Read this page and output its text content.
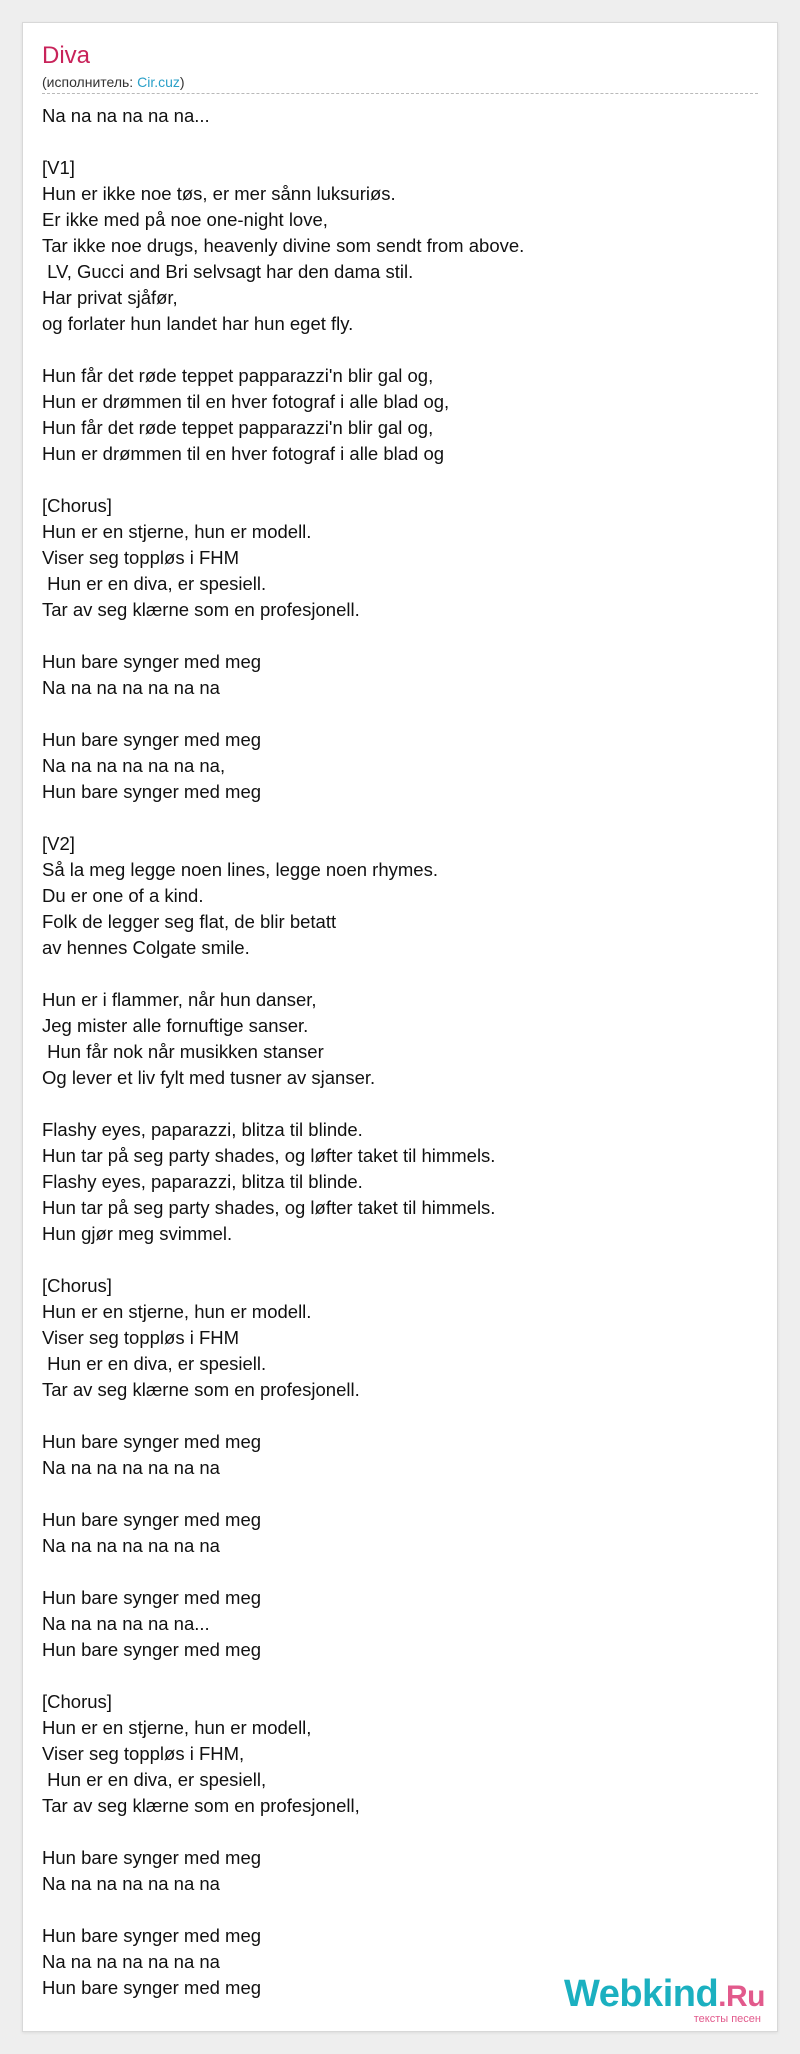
Diva
(исполнитель: Cir.cuz)
Na na na na na na...
[V1]
Hun er ikke noe tøs, er mer sånn luksuriøs.
Er ikke med på noe one-night love,
Tar ikke noe drugs, heavenly divine som sendt from above.
LV, Gucci and Bri selvsagt har den dama stil.
Har privat sjåfør,
og forlater hun landet har hun eget fly.
Hun får det røde teppet papparazzi'n blir gal og,
Hun er drømmen til en hver fotograf i alle blad og,
Hun får det røde teppet papparazzi'n blir gal og,
Hun er drømmen til en hver fotograf i alle blad og
[Chorus]
Hun er en stjerne, hun er modell.
Viser seg toppløs i FHM
Hun er en diva, er spesiell.
Tar av seg klærne som en profesjonell.
Hun bare synger med meg
Na na na na na na na
Hun bare synger med meg
Na na na na na na na,
Hun bare synger med meg
[V2]
Så la meg legge noen lines, legge noen rhymes.
Du er one of a kind.
Folk de legger seg flat, de blir betatt
av hennes Colgate smile.
Hun er i flammer, når hun danser,
Jeg mister alle fornuftige sanser.
Hun får nok når musikken stanser
Og lever et liv fylt med tusner av sjanser.
Flashy eyes, paparazzi, blitza til blinde.
Hun tar på seg party shades, og løfter taket til himmels.
Flashy eyes, paparazzi, blitza til blinde.
Hun tar på seg party shades, og løfter taket til himmels.
Hun gjør meg svimmel.
[Chorus]
Hun er en stjerne, hun er modell.
Viser seg toppløs i FHM
Hun er en diva, er spesiell.
Tar av seg klærne som en profesjonell.
Hun bare synger med meg
Na na na na na na na
Hun bare synger med meg
Na na na na na na na
Hun bare synger med meg
Na na na na na na...
Hun bare synger med meg
[Chorus]
Hun er en stjerne, hun er modell,
Viser seg toppløs i FHM,
Hun er en diva, er spesiell,
Tar av seg klærne som en profesjonell,
Hun bare synger med meg
Na na na na na na na
Hun bare synger med meg
Na na na na na na na
Hun bare synger med meg	Webkind.Ru
тексты песен
